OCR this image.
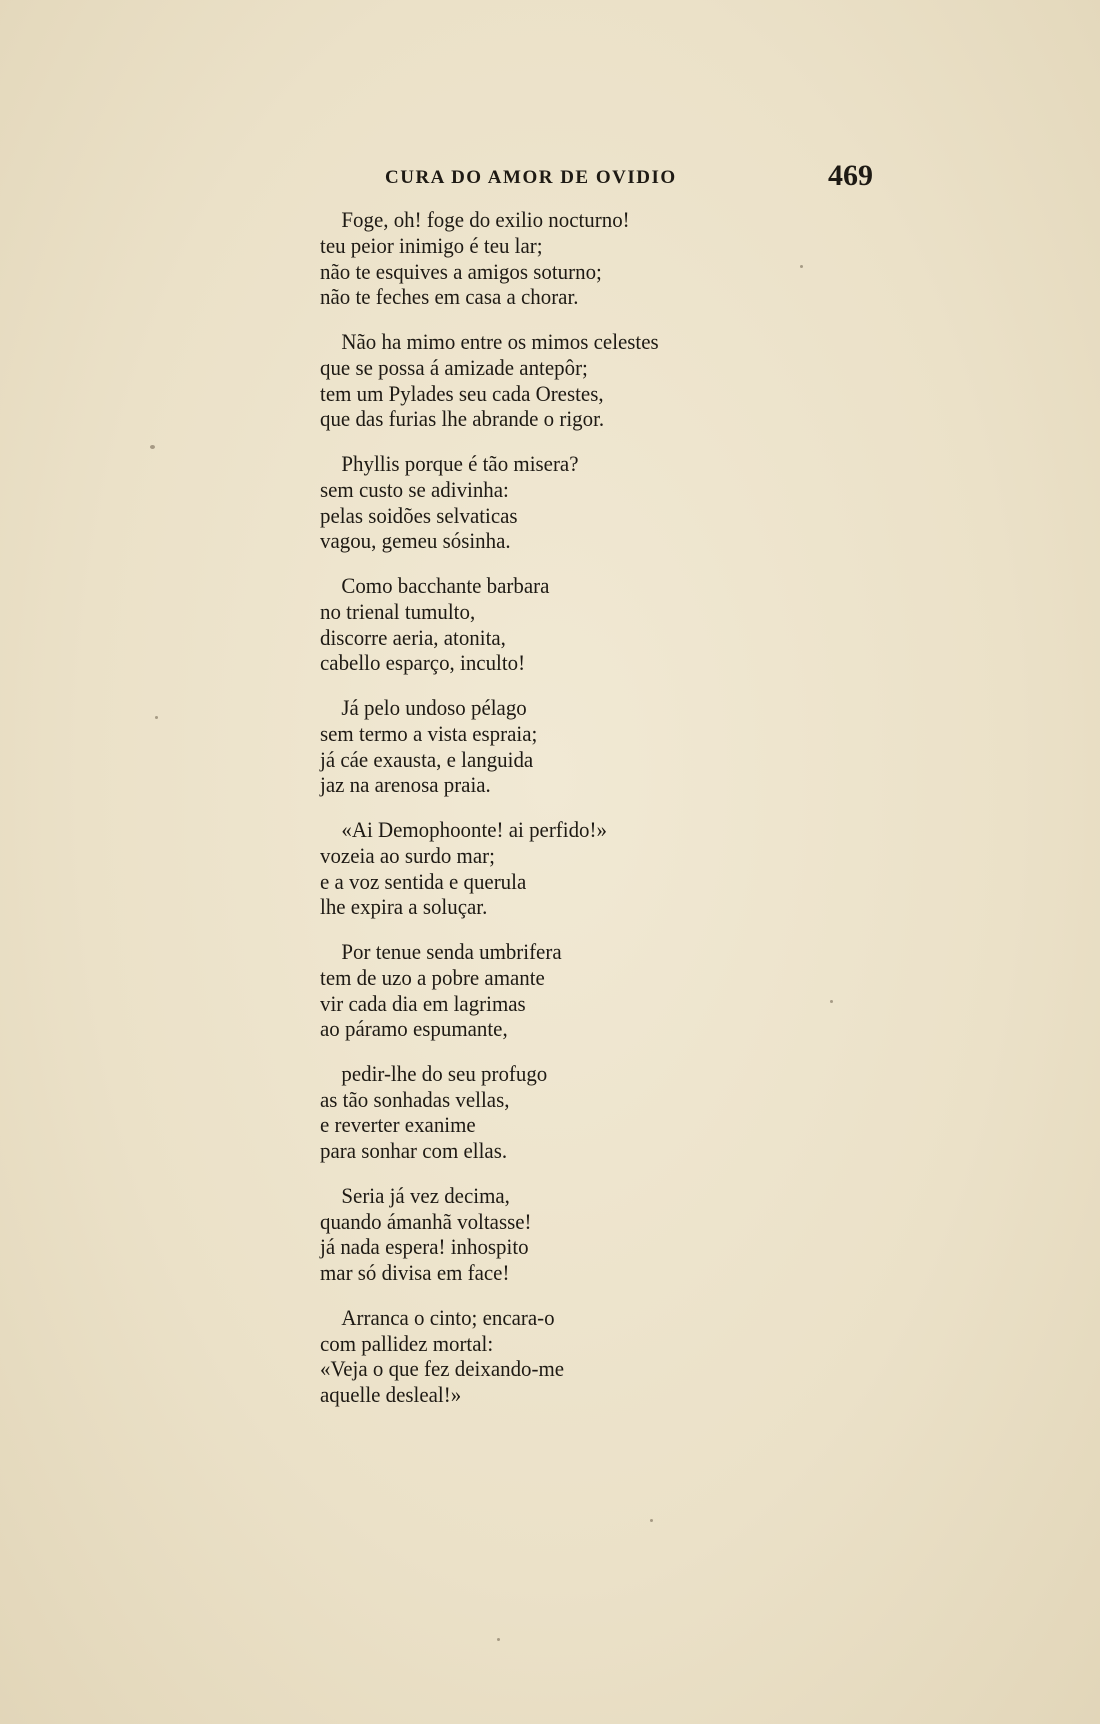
CURA DO AMOR DE OVIDIO	469
Foge, oh! foge do exilio nocturno!
teu peior inimigo é teu lar;
não te esquives a amigos soturno;
não te feches em casa a chorar.
Não ha mimo entre os mimos celestes
que se possa á amizade antepôr;
tem um Pylades seu cada Orestes,
que das furias lhe abrande o rigor.
Phyllis porque é tão misera?
sem custo se adivinha:
pelas soidões selvaticas
vagou, gemeu sósinha.
Como bacchante barbara
no trienal tumulto,
discorre aeria, atonita,
cabello esparço, inculto!
Já pelo undoso pélago
sem termo a vista espraia;
já cáe exausta, e languida
jaz na arenosa praia.
«Ai Demophoonte! ai perfido!»
vozeia ao surdo mar;
e a voz sentida e querula
lhe expira a soluçar.
Por tenue senda umbrifera
tem de uzo a pobre amante
vir cada dia em lagrimas
ao páramo espumante,
pedir-lhe do seu profugo
as tão sonhadas vellas,
e reverter exanime
para sonhar com ellas.
Seria já vez decima,
quando ámanhã voltasse!
já nada espera! inhospito
mar só divisa em face!
Arranca o cinto; encara-o
com pallidez mortal:
«Veja o que fez deixando-me
aquelle desleal!»
